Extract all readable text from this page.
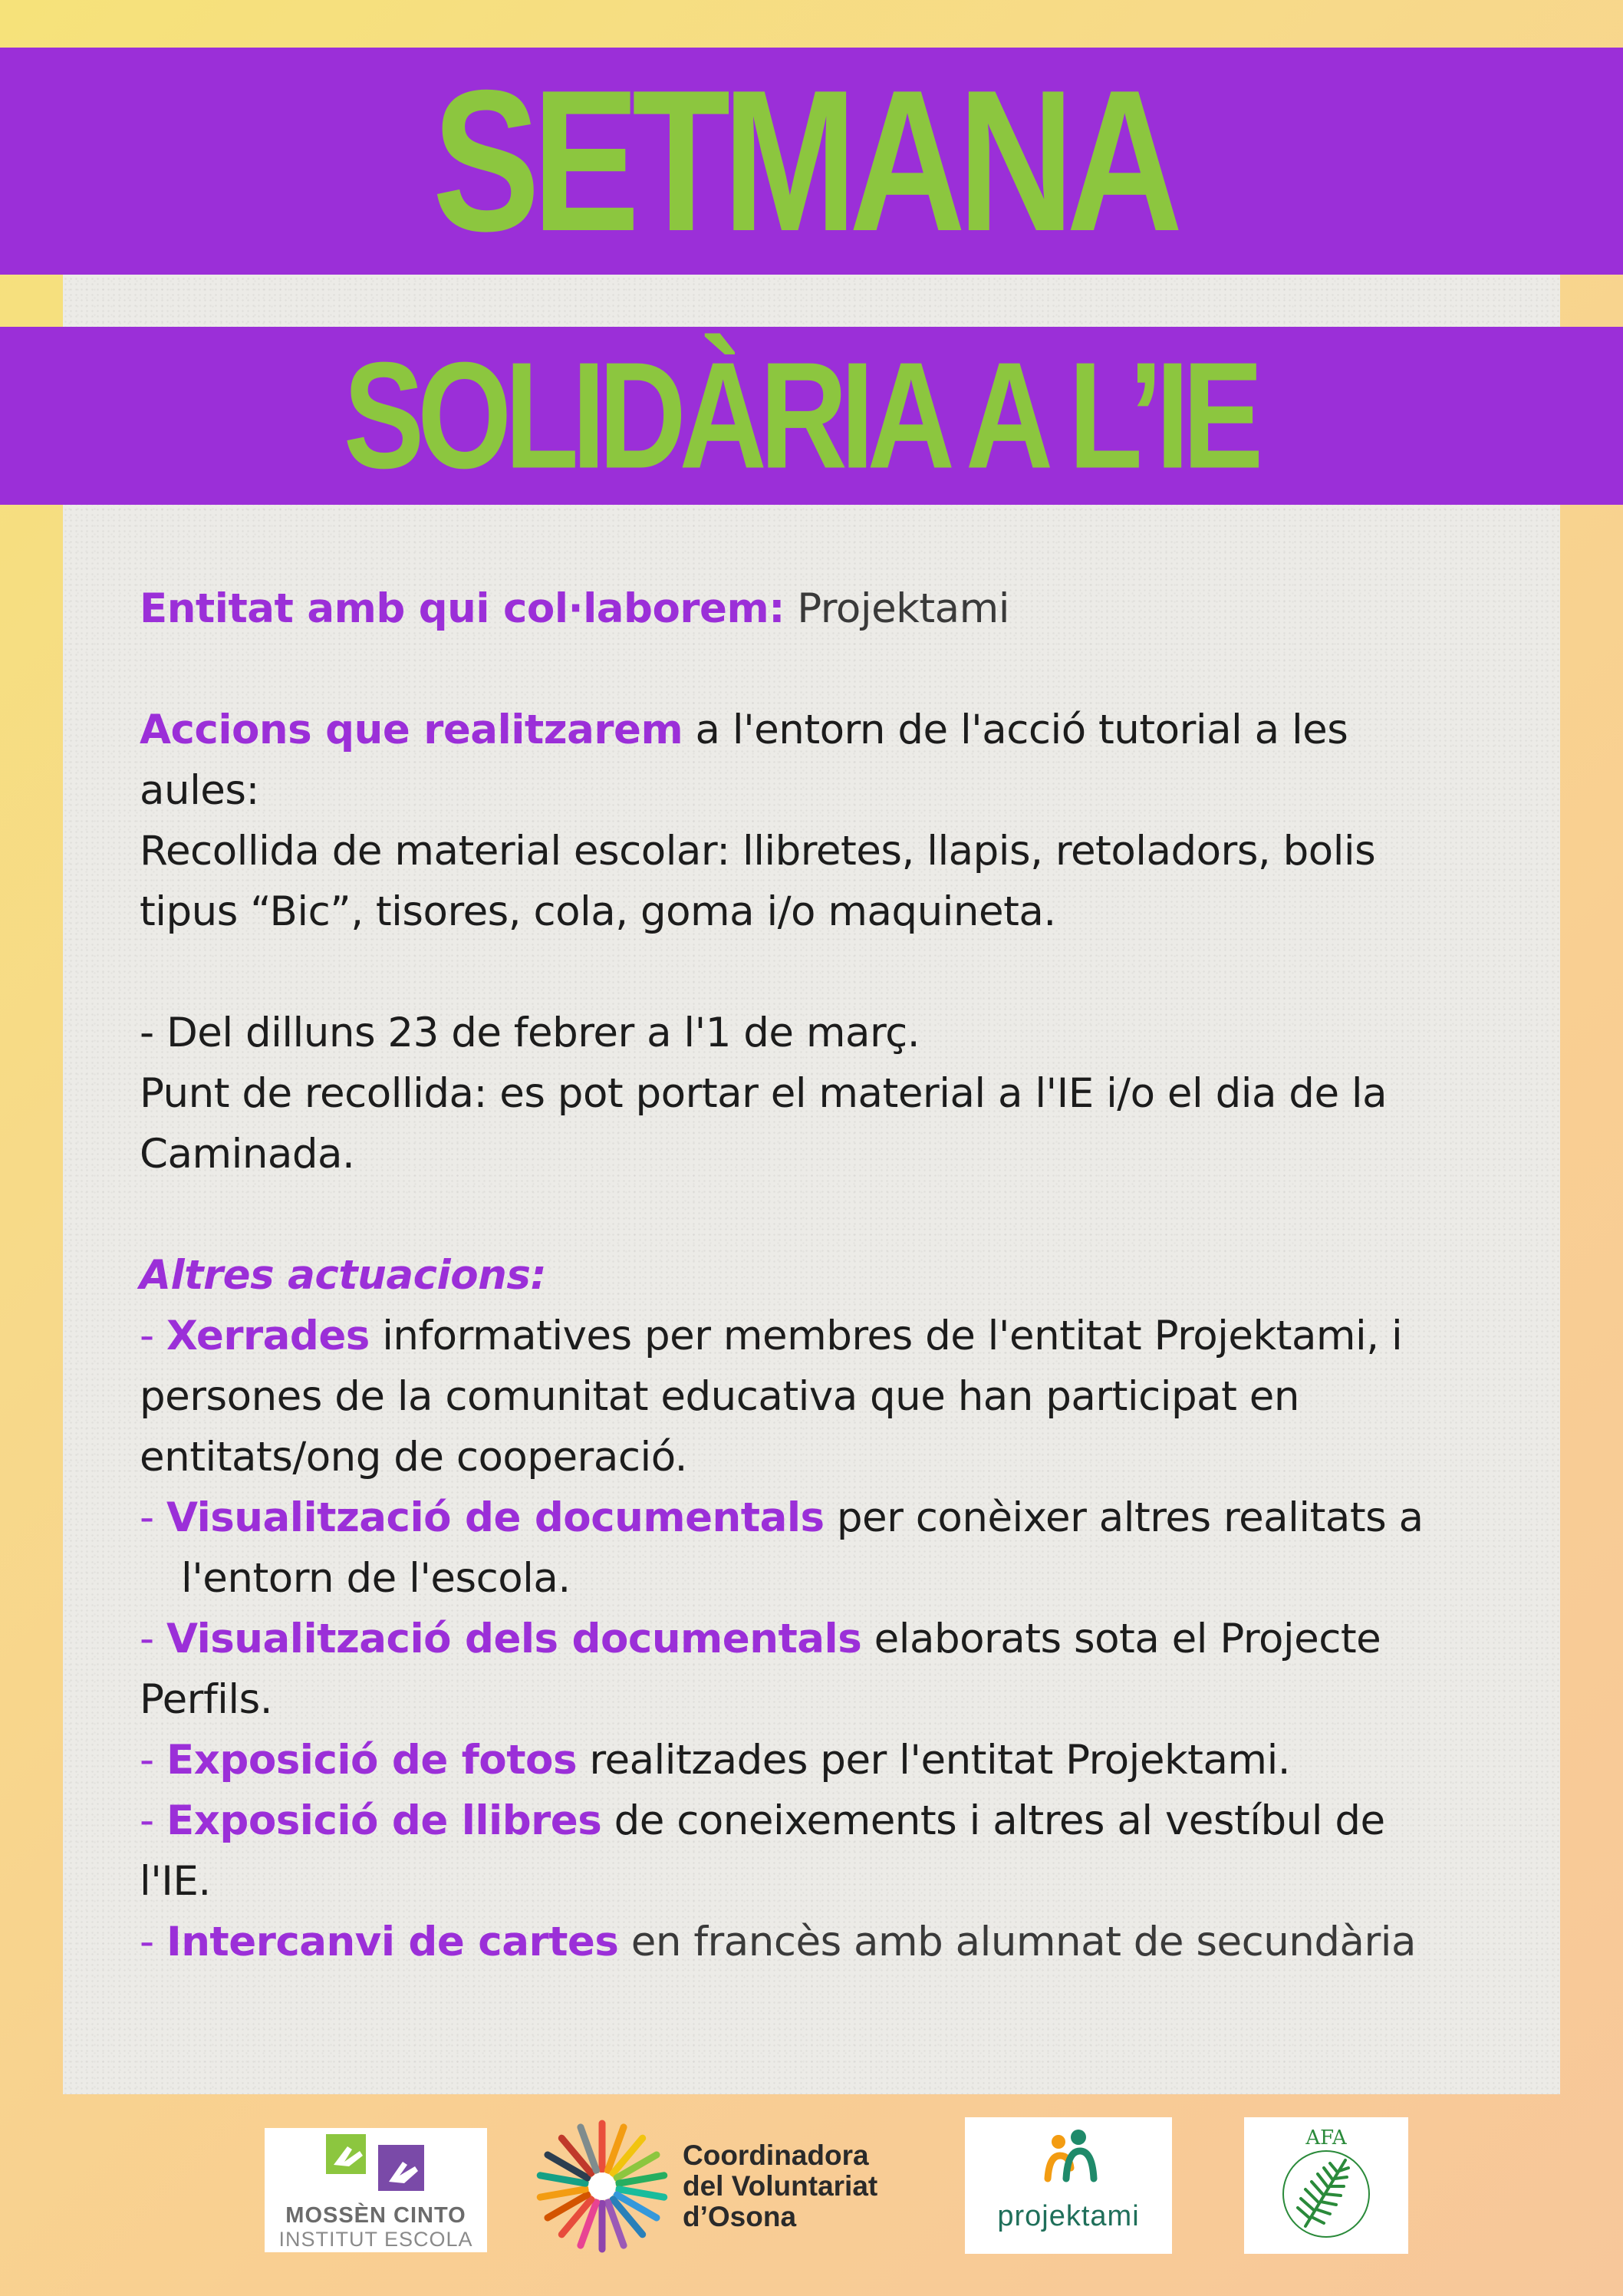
SETMANA
SOLIDÀRIA A L’IE
Entitat amb qui col·laborem: Projektami
Accions que realitzarem a l'entorn de l'acció tutorial a les
aules:
Recollida de material escolar: llibretes, llapis, retoladors, bolis
tipus “Bic”, tisores, cola, goma i/o maquineta.
- Del dilluns 23 de febrer a l'1 de març.
Punt de recollida: es pot portar el material a l'IE i/o el dia de la
Caminada.
Altres actuacions:
- Xerrades informatives per membres de l'entitat Projektami, i
persones de la comunitat educativa que han participat en
entitats/ong de cooperació.
- Visualització de documentals per conèixer altres realitats a
l'entorn de l'escola.
- Visualització dels documentals elaborats sota el Projecte
Perfils.
- Exposició de fotos realitzades per l'entitat Projektami.
- Exposició de llibres de coneixements i altres al vestíbul de
l'IE.
- Intercanvi de cartes en francès amb alumnat de secundària
MOSSÈN CINTO
INSTITUT ESCOLA
Coordinadora
del Voluntariat
d’Osona	projektami
AFA
